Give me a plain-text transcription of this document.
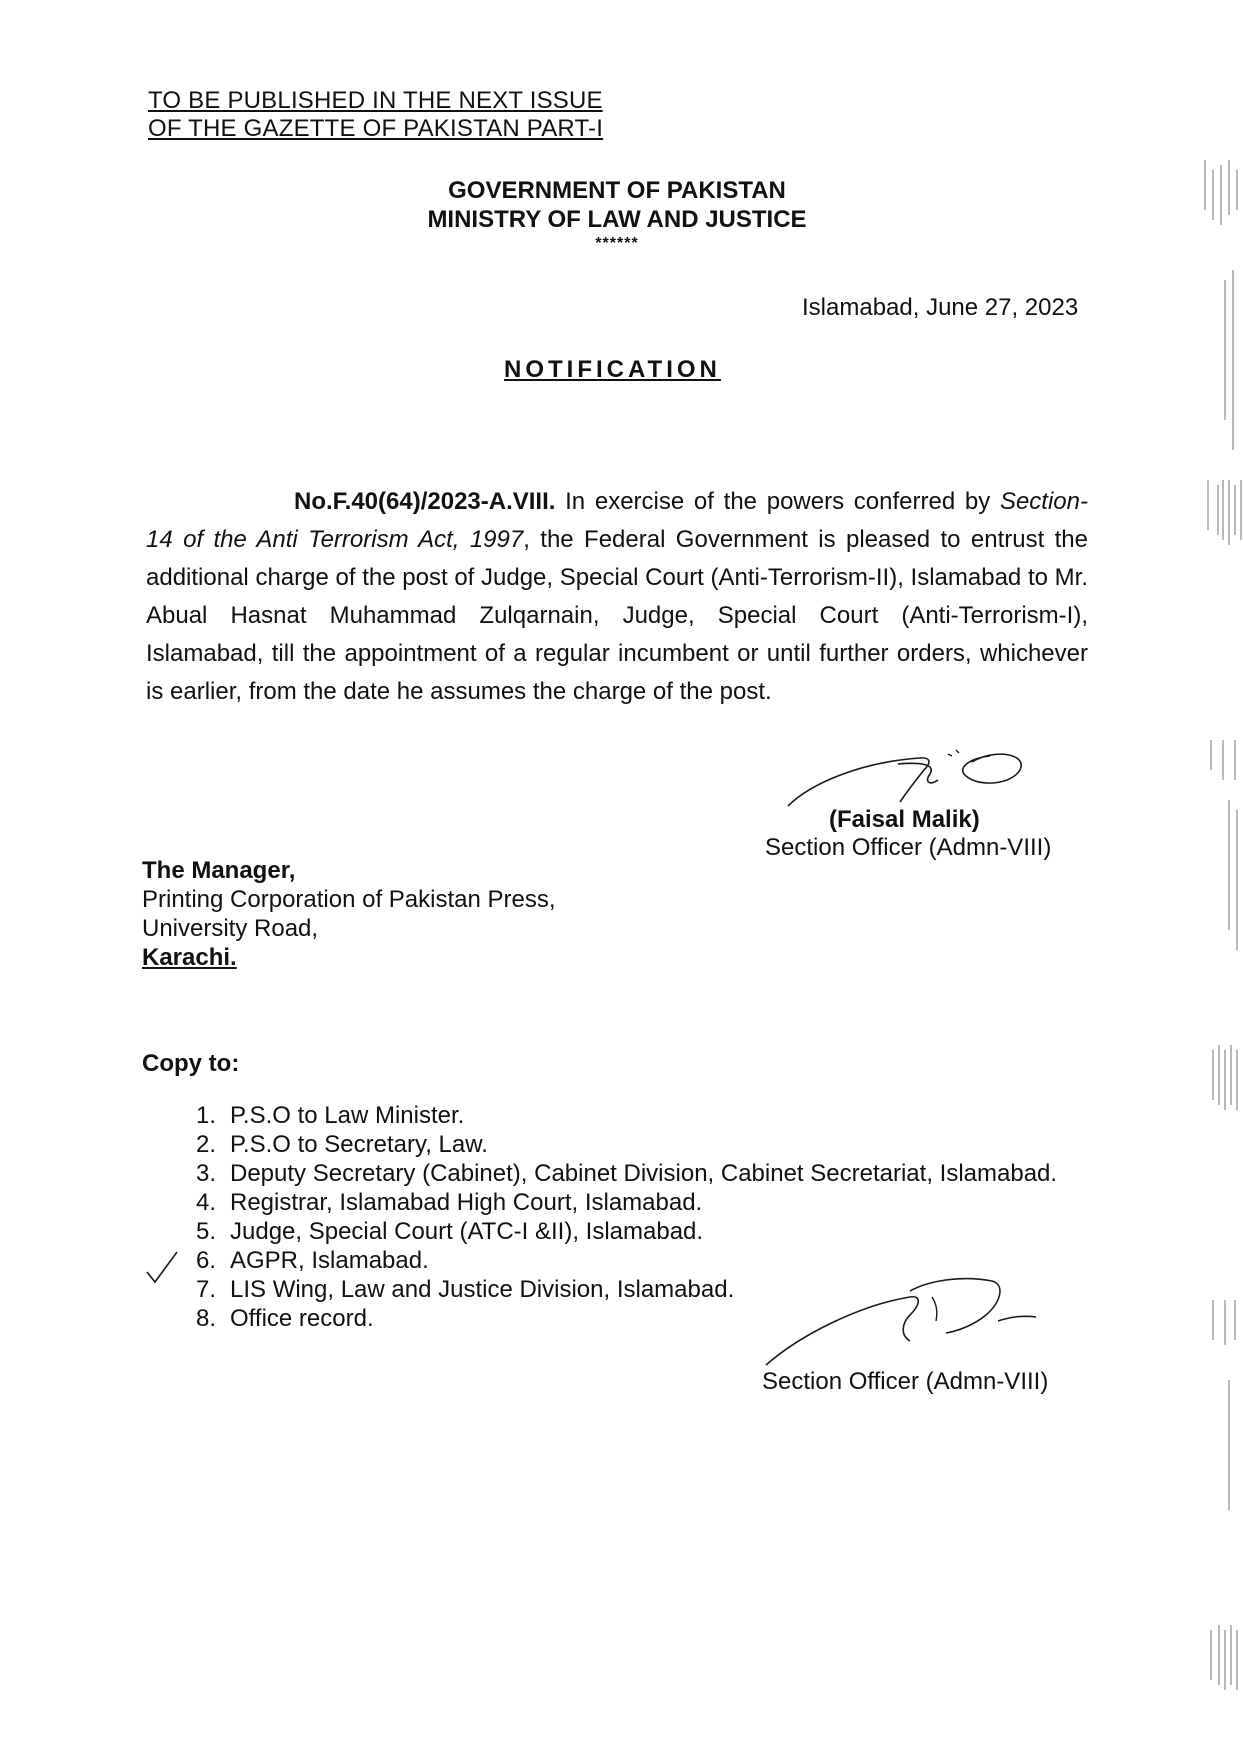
TO BE PUBLISHED IN THE NEXT ISSUE
OF THE GAZETTE OF PAKISTAN PART-I
GOVERNMENT OF PAKISTAN
MINISTRY OF LAW AND JUSTICE
******
Islamabad, June 27, 2023
NOTIFICATION
No.F.40(64)/2023-A.VIII. In exercise of the powers conferred by Section-14 of the Anti Terrorism Act, 1997, the Federal Government is pleased to entrust the additional charge of the post of Judge, Special Court (Anti-Terrorism-II), Islamabad to Mr. Abual Hasnat Muhammad Zulqarnain, Judge, Special Court (Anti-Terrorism-I), Islamabad, till the appointment of a regular incumbent or until further orders, whichever is earlier, from the date he assumes the charge of the post.
(Faisal Malik)
Section Officer (Admn-VIII)
The Manager,
Printing Corporation of Pakistan Press,
University Road,
Karachi.
Copy to:
1. P.S.O to Law Minister.
2. P.S.O to Secretary, Law.
3. Deputy Secretary (Cabinet), Cabinet Division, Cabinet Secretariat, Islamabad.
4. Registrar, Islamabad High Court, Islamabad.
5. Judge, Special Court (ATC-I &II), Islamabad.
6. AGPR, Islamabad.
7. LIS Wing, Law and Justice Division, Islamabad.
8. Office record.
Section Officer (Admn-VIII)
